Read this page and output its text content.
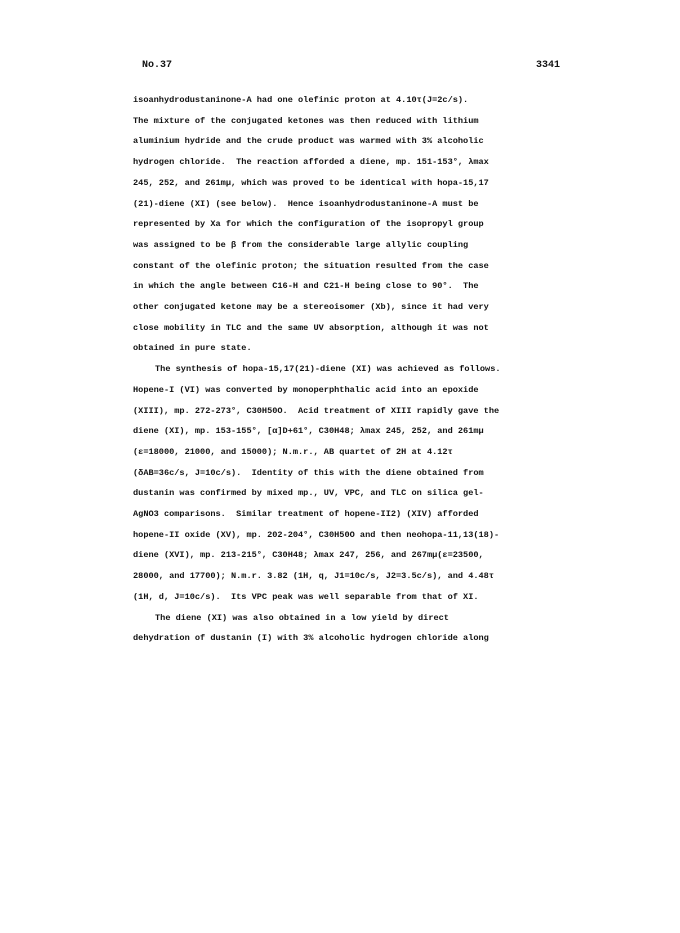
No.37	3341
isoanhydrodustaninone-A had one olefinic proton at 4.10τ(J=2c/s).
The mixture of the conjugated ketones was then reduced with lithium
aluminium hydride and the crude product was warmed with 3% alcoholic
hydrogen chloride.  The reaction afforded a diene, mp. 151-153°, λmax
245, 252, and 261mμ, which was proved to be identical with hopa-15,17
(21)-diene (XI) (see below).  Hence isoanhydrodustaninone-A must be
represented by Xa for which the configuration of the isopropyl group
was assigned to be β from the considerable large allylic coupling
constant of the olefinic proton; the situation resulted from the case
in which the angle between C16-H and C21-H being close to 90°.  The
other conjugated ketone may be a stereoisomer (Xb), since it had very
close mobility in TLC and the same UV absorption, although it was not
obtained in pure state.
The synthesis of hopa-15,17(21)-diene (XI) was achieved as follows.
Hopene-I (VI) was converted by monoperphthalic acid into an epoxide
(XIII), mp. 272-273°, C30H50O.  Acid treatment of XIII rapidly gave the
diene (XI), mp. 153-155°, [α]D+61°, C30H48; λmax 245, 252, and 261mμ
(ε=18000, 21000, and 15000); N.m.r., AB quartet of 2H at 4.12τ
(δAB=36c/s, J=10c/s).  Identity of this with the diene obtained from
dustanin was confirmed by mixed mp., UV, VPC, and TLC on silica gel-
AgNO3 comparisons.  Similar treatment of hopene-II2) (XIV) afforded
hopene-II oxide (XV), mp. 202-204°, C30H50O and then neohopa-11,13(18)-
diene (XVI), mp. 213-215°, C30H48; λmax 247, 256, and 267mμ(ε=23500,
28000, and 17700); N.m.r. 3.82 (1H, q, J1=10c/s, J2=3.5c/s), and 4.48τ
(1H, d, J=10c/s).  Its VPC peak was well separable from that of XI.
The diene (XI) was also obtained in a low yield by direct
dehydration of dustanin (I) with 3% alcoholic hydrogen chloride along
